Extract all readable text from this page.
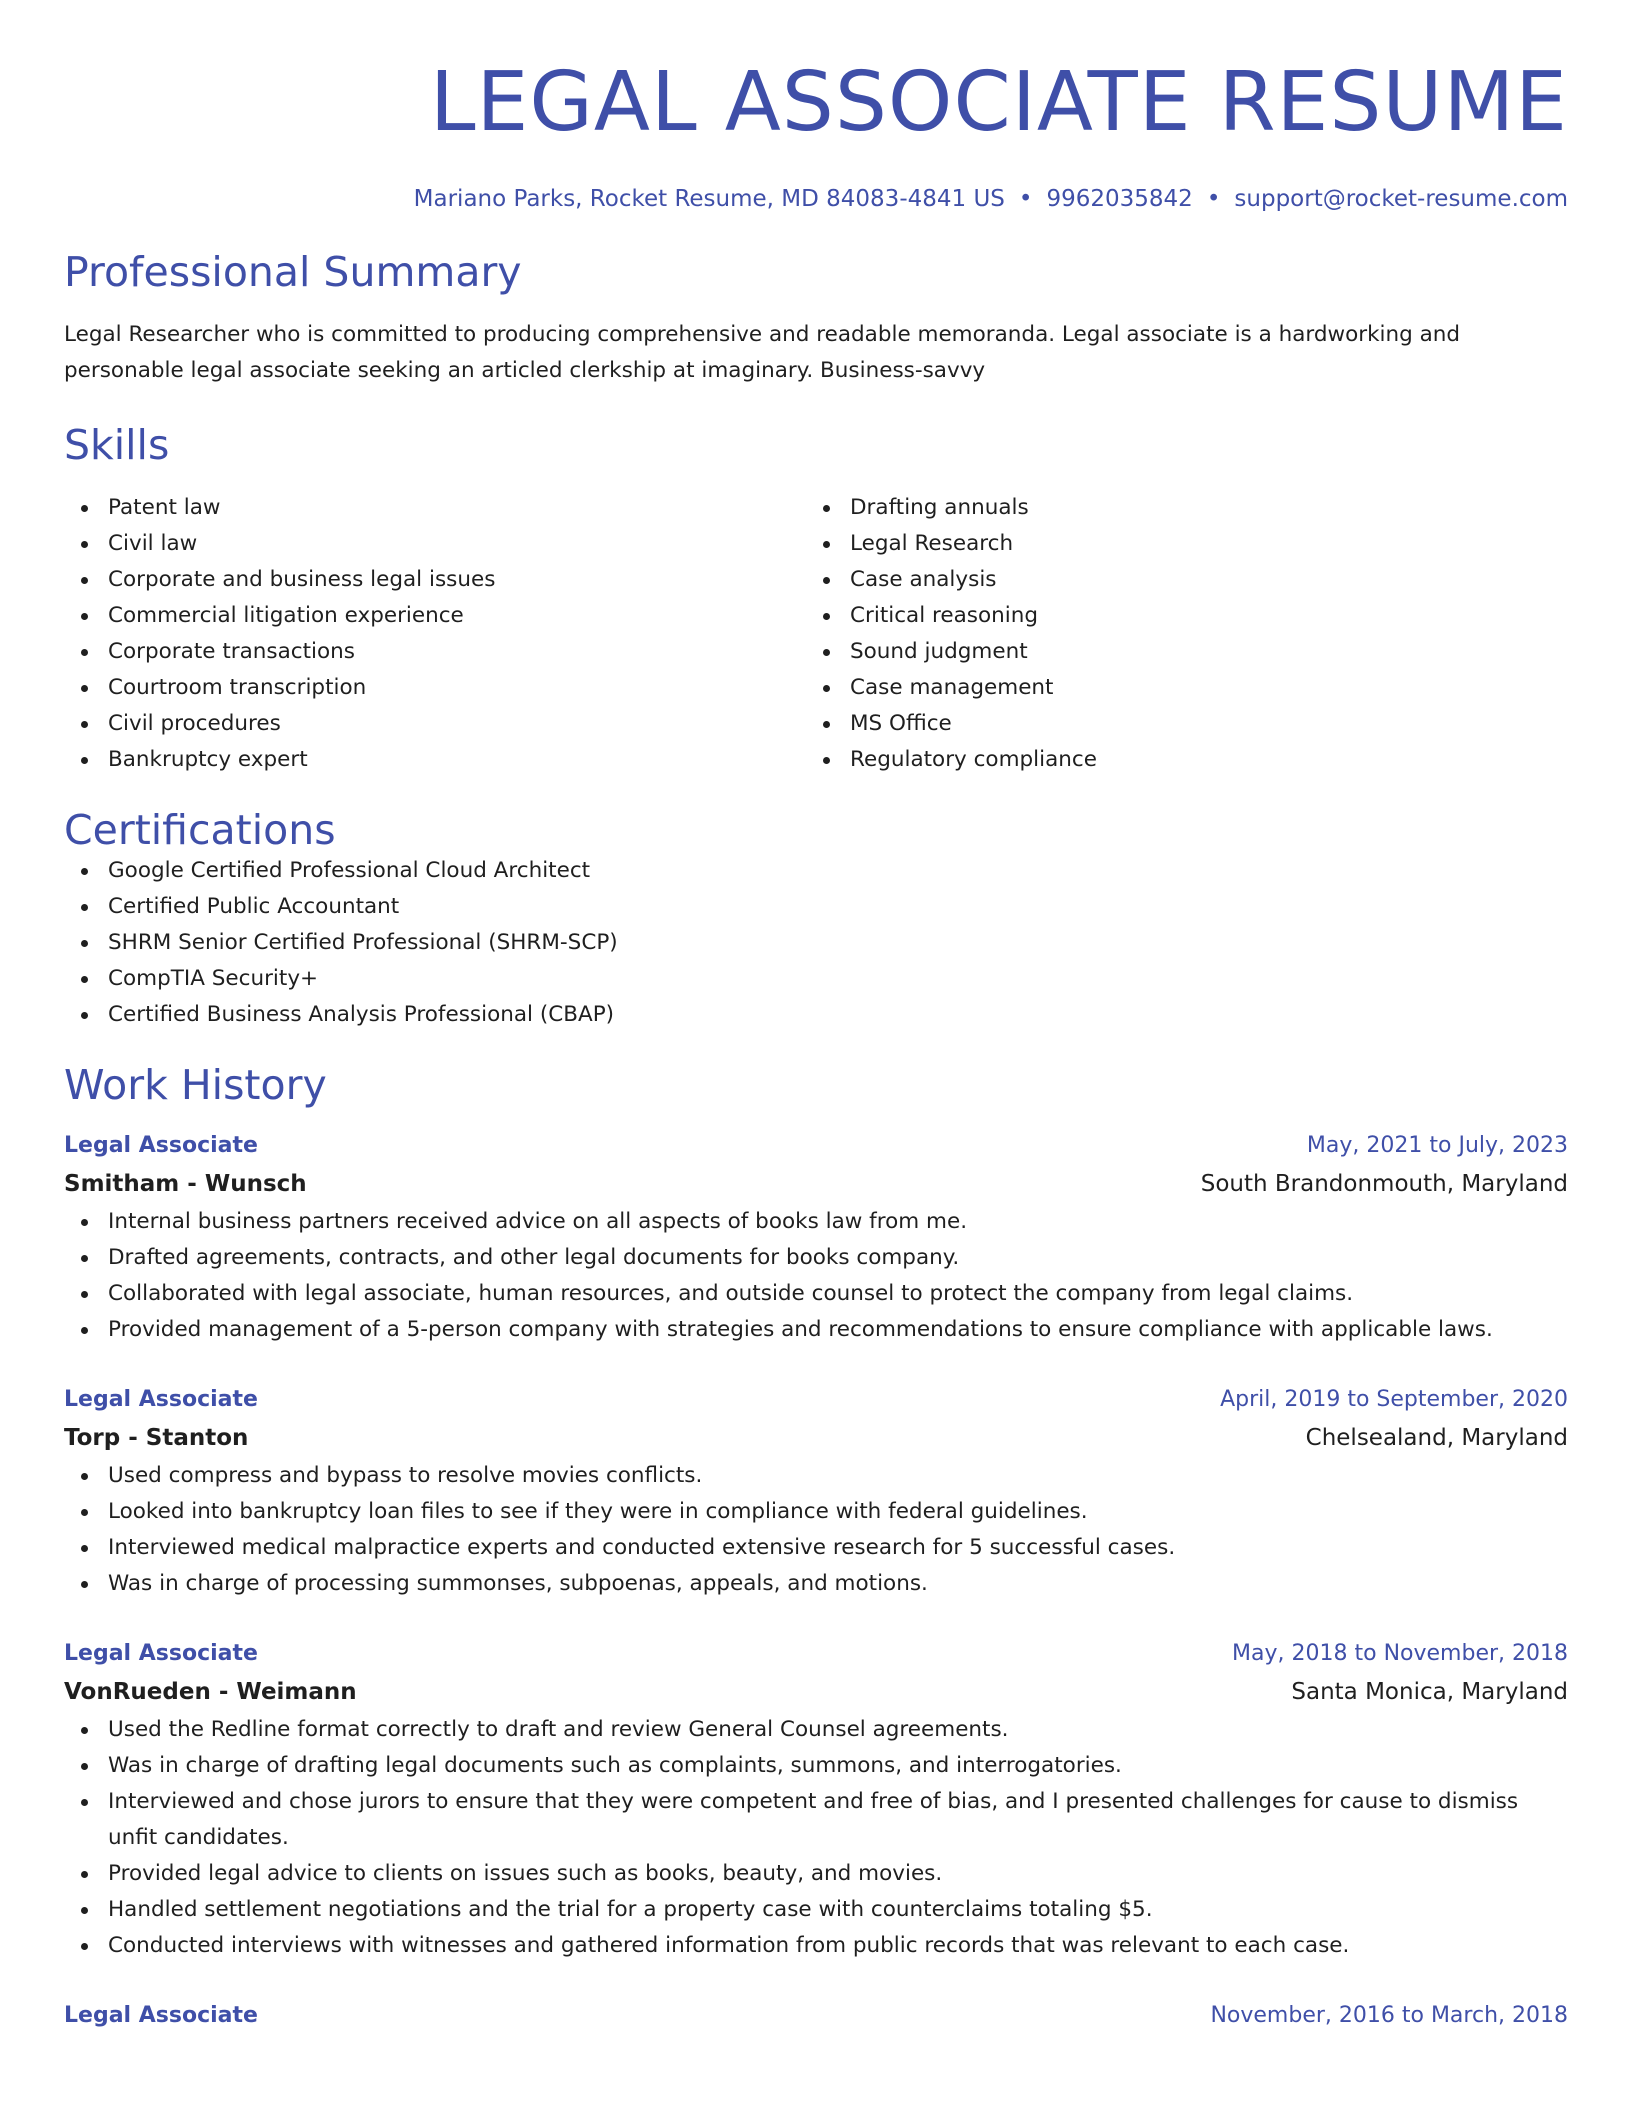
LEGAL ASSOCIATE RESUME
Mariano Parks, Rocket Resume, MD 84083-4841 US • 9962035842 • support@rocket-resume.com
Professional Summary
Legal Researcher who is committed to producing comprehensive and readable memoranda. Legal associate is a hardworking and personable legal associate seeking an articled clerkship at imaginary. Business-savvy
Skills
Patent law
Civil law
Corporate and business legal issues
Commercial litigation experience
Corporate transactions
Courtroom transcription
Civil procedures
Bankruptcy expert
Drafting annuals
Legal Research
Case analysis
Critical reasoning
Sound judgment
Case management
MS Office
Regulatory compliance
Certifications
Google Certified Professional Cloud Architect
Certified Public Accountant
SHRM Senior Certified Professional (SHRM-SCP)
CompTIA Security+
Certified Business Analysis Professional (CBAP)
Work History
Legal Associate	May, 2021 to July, 2023
Smitham - Wunsch	South Brandonmouth, Maryland
Internal business partners received advice on all aspects of books law from me.
Drafted agreements, contracts, and other legal documents for books company.
Collaborated with legal associate, human resources, and outside counsel to protect the company from legal claims.
Provided management of a 5-person company with strategies and recommendations to ensure compliance with applicable laws.
Legal Associate	April, 2019 to September, 2020
Torp - Stanton	Chelsealand, Maryland
Used compress and bypass to resolve movies conflicts.
Looked into bankruptcy loan files to see if they were in compliance with federal guidelines.
Interviewed medical malpractice experts and conducted extensive research for 5 successful cases.
Was in charge of processing summonses, subpoenas, appeals, and motions.
Legal Associate	May, 2018 to November, 2018
VonRueden - Weimann	Santa Monica, Maryland
Used the Redline format correctly to draft and review General Counsel agreements.
Was in charge of drafting legal documents such as complaints, summons, and interrogatories.
Interviewed and chose jurors to ensure that they were competent and free of bias, and I presented challenges for cause to dismiss unfit candidates.
Provided legal advice to clients on issues such as books, beauty, and movies.
Handled settlement negotiations and the trial for a property case with counterclaims totaling $5.
Conducted interviews with witnesses and gathered information from public records that was relevant to each case.
Legal Associate	November, 2016 to March, 2018
